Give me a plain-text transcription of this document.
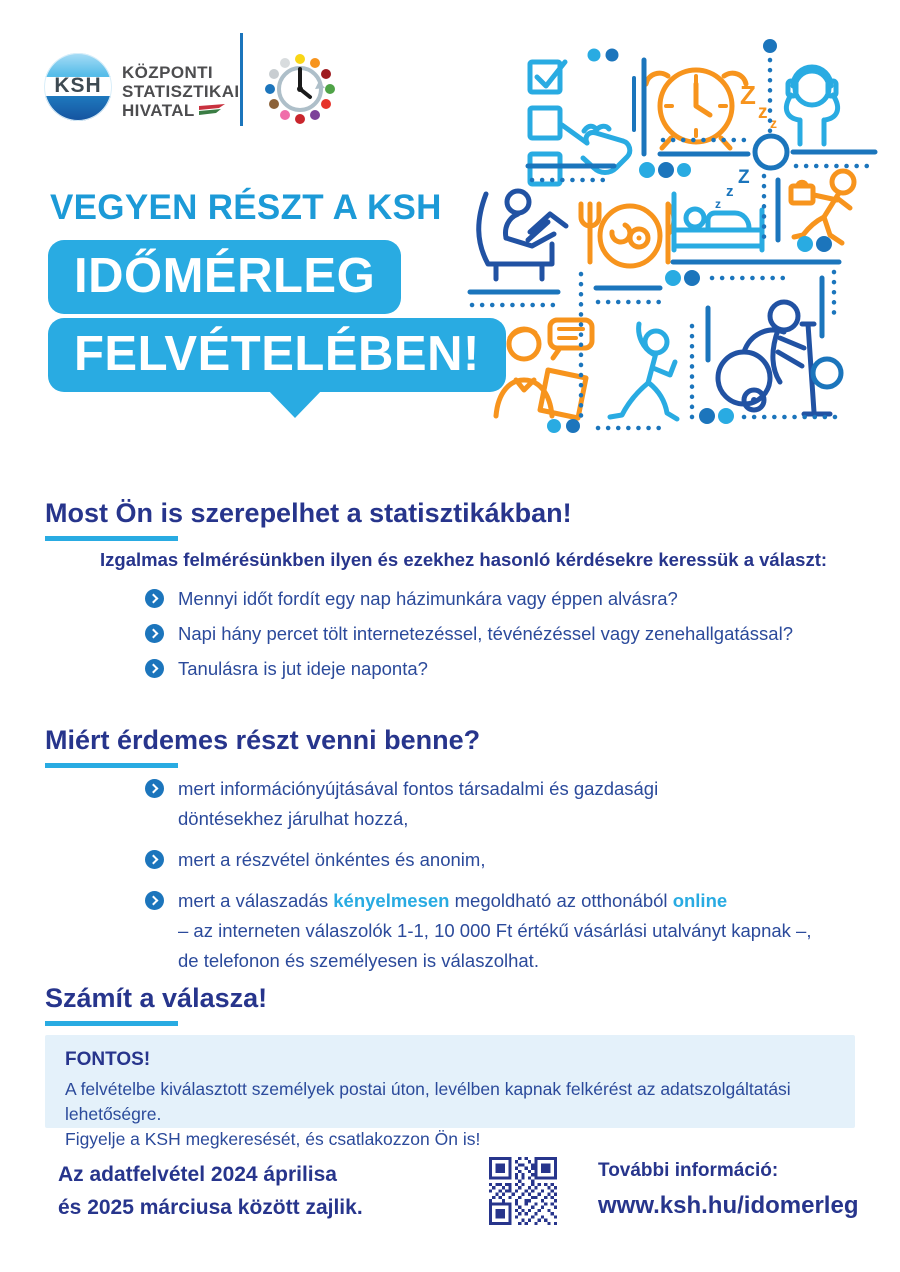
KSH
KÖZPONTI
STATISZTIKAI
HIVATAL
Z
z z
z
z
Z
VEGYEN RÉSZT A KSH
IDŐMÉRLEG
FELVÉTELÉBEN!
Most Ön is szerepelhet a statisztikákban!
Izgalmas felmérésünkben ilyen és ezekhez hasonló kérdésekre keressük a választ:
Mennyi időt fordít egy nap házimunkára vagy éppen alvásra?
Napi hány percet tölt internetezéssel, tévénézéssel vagy zenehallgatással?
Tanulásra is jut ideje naponta?
Miért érdemes részt venni benne?
mert információnyújtásával fontos társadalmi és gazdasági
döntésekhez járulhat hozzá,
mert a részvétel önkéntes és anonim,
mert a válaszadás kényelmesen megoldható az otthonából online
– az interneten válaszolók 1-1, 10 000 Ft értékű vásárlási utalványt kapnak –,
de telefonon és személyesen is válaszolhat.
Számít a válasza!
FONTOS!
A felvételbe kiválasztott személyek postai úton, levélben kapnak felkérést az adatszolgáltatási lehetőségre.
Figyelje a KSH megkeresését, és csatlakozzon Ön is!
Az adatfelvétel 2024 áprilisa
és 2025 márciusa között zajlik.
További információ:
www.ksh.hu/idomerleg
